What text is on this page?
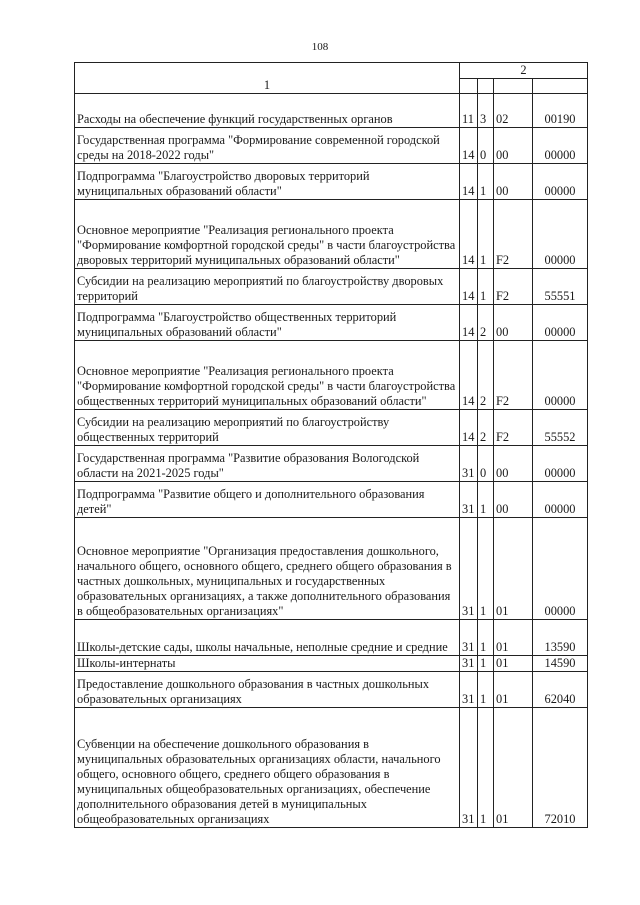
108
1	2			

Расходы на обеспечение функций государственных органов	11	3	02	00190
Государственная программа "Формирование современной городской среды на 2018-2022 годы"	14	0	00	00000
Подпрограмма "Благоустройство дворовых территорий муниципальных образований области"	14	1	00	00000
Основное мероприятие "Реализация регионального проекта "Формирование комфортной городской среды" в части благоустройства дворовых территорий муниципальных образований области"	14	1	F2	00000
Субсидии на реализацию мероприятий по благоустройству дворовых территорий	14	1	F2	55551
Подпрограмма "Благоустройство общественных территорий муниципальных образований области"	14	2	00	00000
Основное мероприятие "Реализация регионального проекта "Формирование комфортной городской среды" в части благоустройства общественных территорий муниципальных образований области"	14	2	F2	00000
Субсидии на реализацию мероприятий по благоустройству общественных территорий	14	2	F2	55552
Государственная программа "Развитие образования Вологодской области на 2021-2025 годы"	31	0	00	00000
Подпрограмма "Развитие общего и дополнительного образования детей"	31	1	00	00000
Основное мероприятие "Организация предоставления дошкольного, начального общего, основного общего, среднего общего образования в частных дошкольных, муниципальных и государственных образовательных организациях, а также дополнительного образования в общеобразовательных организациях"	31	1	01	00000
Школы-детские сады, школы начальные, неполные средние и средние	31	1	01	13590
Школы-интернаты	31	1	01	14590
Предоставление дошкольного образования в частных дошкольных образовательных организациях	31	1	01	62040
Субвенции на обеспечение дошкольного образования в муниципальных образовательных организациях области, начального общего, основного общего, среднего общего образования в муниципальных общеобразовательных организациях, обеспечение дополнительного образования детей в муниципальных общеобразовательных организациях	31	1	01	72010
